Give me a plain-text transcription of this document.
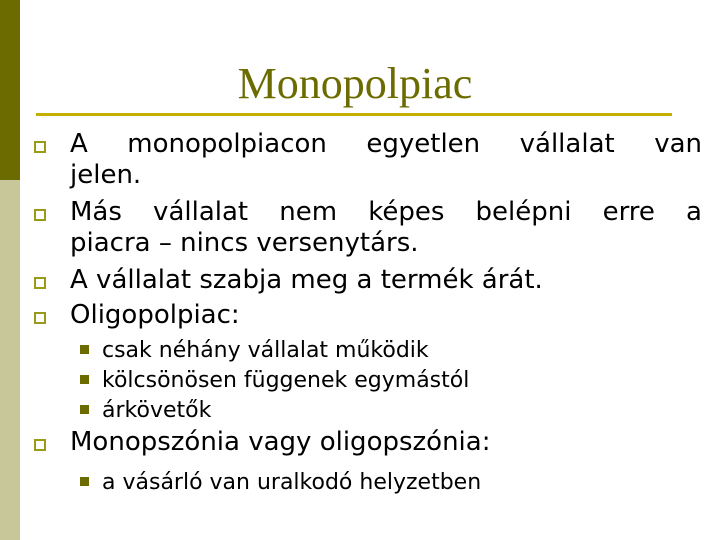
Monopolpiac
A monopolpiacon egyetlen vállalat van
jelen.
Más vállalat nem képes belépni erre a
piacra – nincs versenytárs.
A vállalat szabja meg a termék árát.
Oligopolpiac:
csak néhány vállalat működik
kölcsönösen függenek egymástól
árkövetők
Monopszónia vagy oligopszónia:
a vásárló van uralkodó helyzetben
